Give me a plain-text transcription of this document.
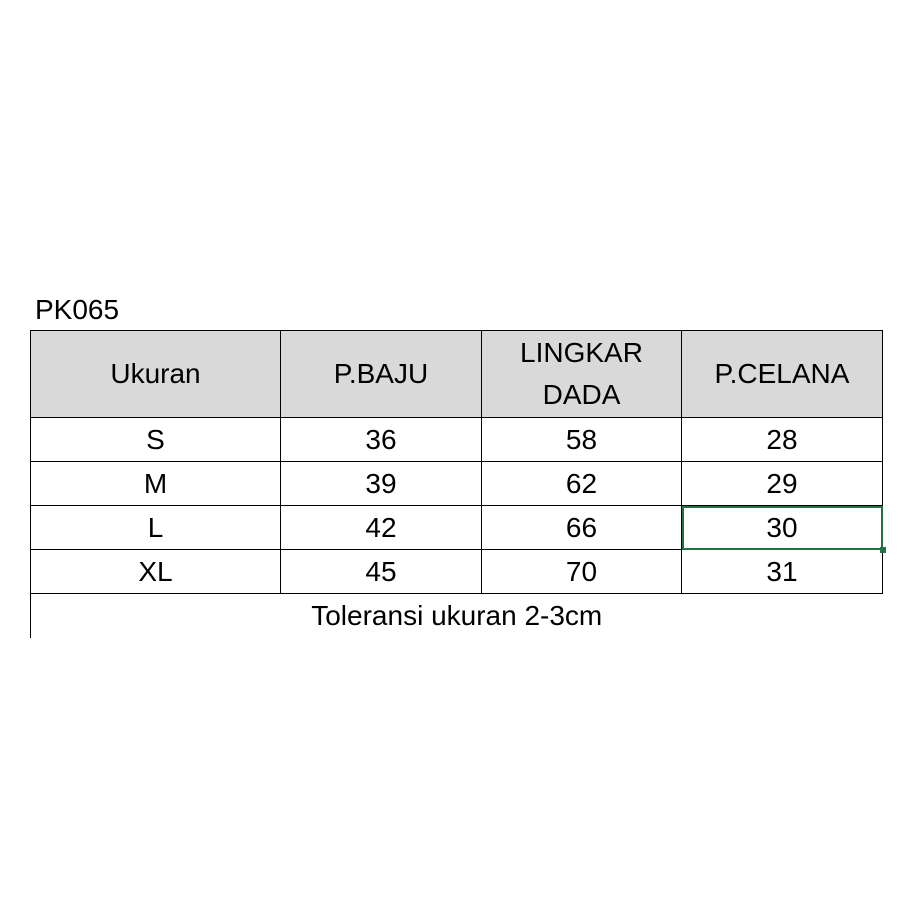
PK065
Ukuran	P.BAJU	LINGKAR DADA	P.CELANA
S	36	58	28
M	39	62	29
L	42	66	30

XL	45	70	31
Toleransi ukuran 2-3cm			
